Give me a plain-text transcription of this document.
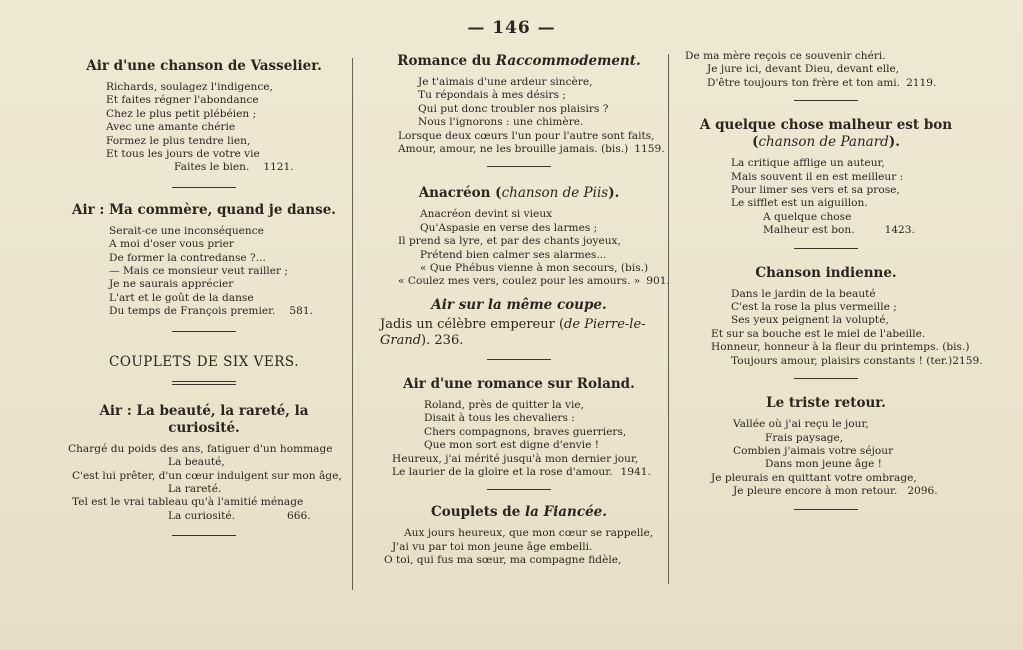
— 146 —
Air d'une chanson de Vasselier.
Richards, soulagez l'indigence,
Et faites régner l'abondance
Chez le plus petit plébéien ;
Avec une amante chérie
Formez le plus tendre lien,
Et tous les jours de votre vie
Faites le bien. 1121.
Air : Ma commère, quand je danse.
Serait-ce une inconséquence
A moi d'oser vous prier
De former la contredanse ?...
— Mais ce monsieur veut railler ;
Je ne saurais apprécier
L'art et le goût de la danse
Du temps de François premier. 581.
COUPLETS DE SIX VERS.
Air : La beauté, la rareté, la curiosité.
Chargé du poids des ans, fatiguer d'un hommage
La beauté,
C'est lui prêter, d'un cœur indulgent sur mon âge,
La rareté.
Tel est le vrai tableau qu'à l'amitié ménage
La curiosité.	666.
Romance du Raccommodement.
Je t'aimais d'une ardeur sincère,
Tu répondais à mes désirs ;
Qui put donc troubler nos plaisirs ?
Nous l'ignorons : une chimère.
Lorsque deux cœurs l'un pour l'autre sont faits,
Amour, amour, ne les brouille jamais. (bis.) 1159.
Anacréon (chanson de Piis).
Anacréon devint si vieux
Qu'Aspasie en verse des larmes ;
Il prend sa lyre, et par des chants joyeux,
Prétend bien calmer ses alarmes...
« Que Phébus vienne à mon secours, (bis.)
« Coulez mes vers, coulez pour les amours. » 901.
Air sur la même coupe.
Jadis un célèbre empereur (de Pierre-le-Grand). 236.
Air d'une romance sur Roland.
Roland, près de quitter la vie,
Disait à tous les chevaliers :
Chers compagnons, braves guerriers,
Que mon sort est digne d'envie !
Heureux, j'ai mérité jusqu'à mon dernier jour,
Le laurier de la gloire et la rose d'amour. 1941.
Couplets de la Fiancée.
Aux jours heureux, que mon cœur se rappelle,
J'ai vu par toi mon jeune âge embelli.
O toi, qui fus ma sœur, ma compagne fidèle,
De ma mère reçois ce souvenir chéri.
Je jure ici, devant Dieu, devant elle,
D'être toujours ton frère et ton ami. 2119.
A quelque chose malheur est bon (chanson de Panard).
La critique afflige un auteur,
Mais souvent il en est meilleur :
Pour limer ses vers et sa prose,
Le sifflet est un aiguillon.
A quelque chose
Malheur est bon.	1423.
Chanson indienne.
Dans le jardin de la beauté
C'est la rose la plus vermeille ;
Ses yeux peignent la volupté,
Et sur sa bouche est le miel de l'abeille.
Honneur, honneur à la fleur du printemps. (bis.)
Toujours amour, plaisirs constants ! (ter.)2159.
Le triste retour.
Vallée où j'ai reçu le jour,
Frais paysage,
Combien j'aimais votre séjour
Dans mon jeune âge !
Je pleurais en quittant votre ombrage,
Je pleure encore à mon retour. 2096.
